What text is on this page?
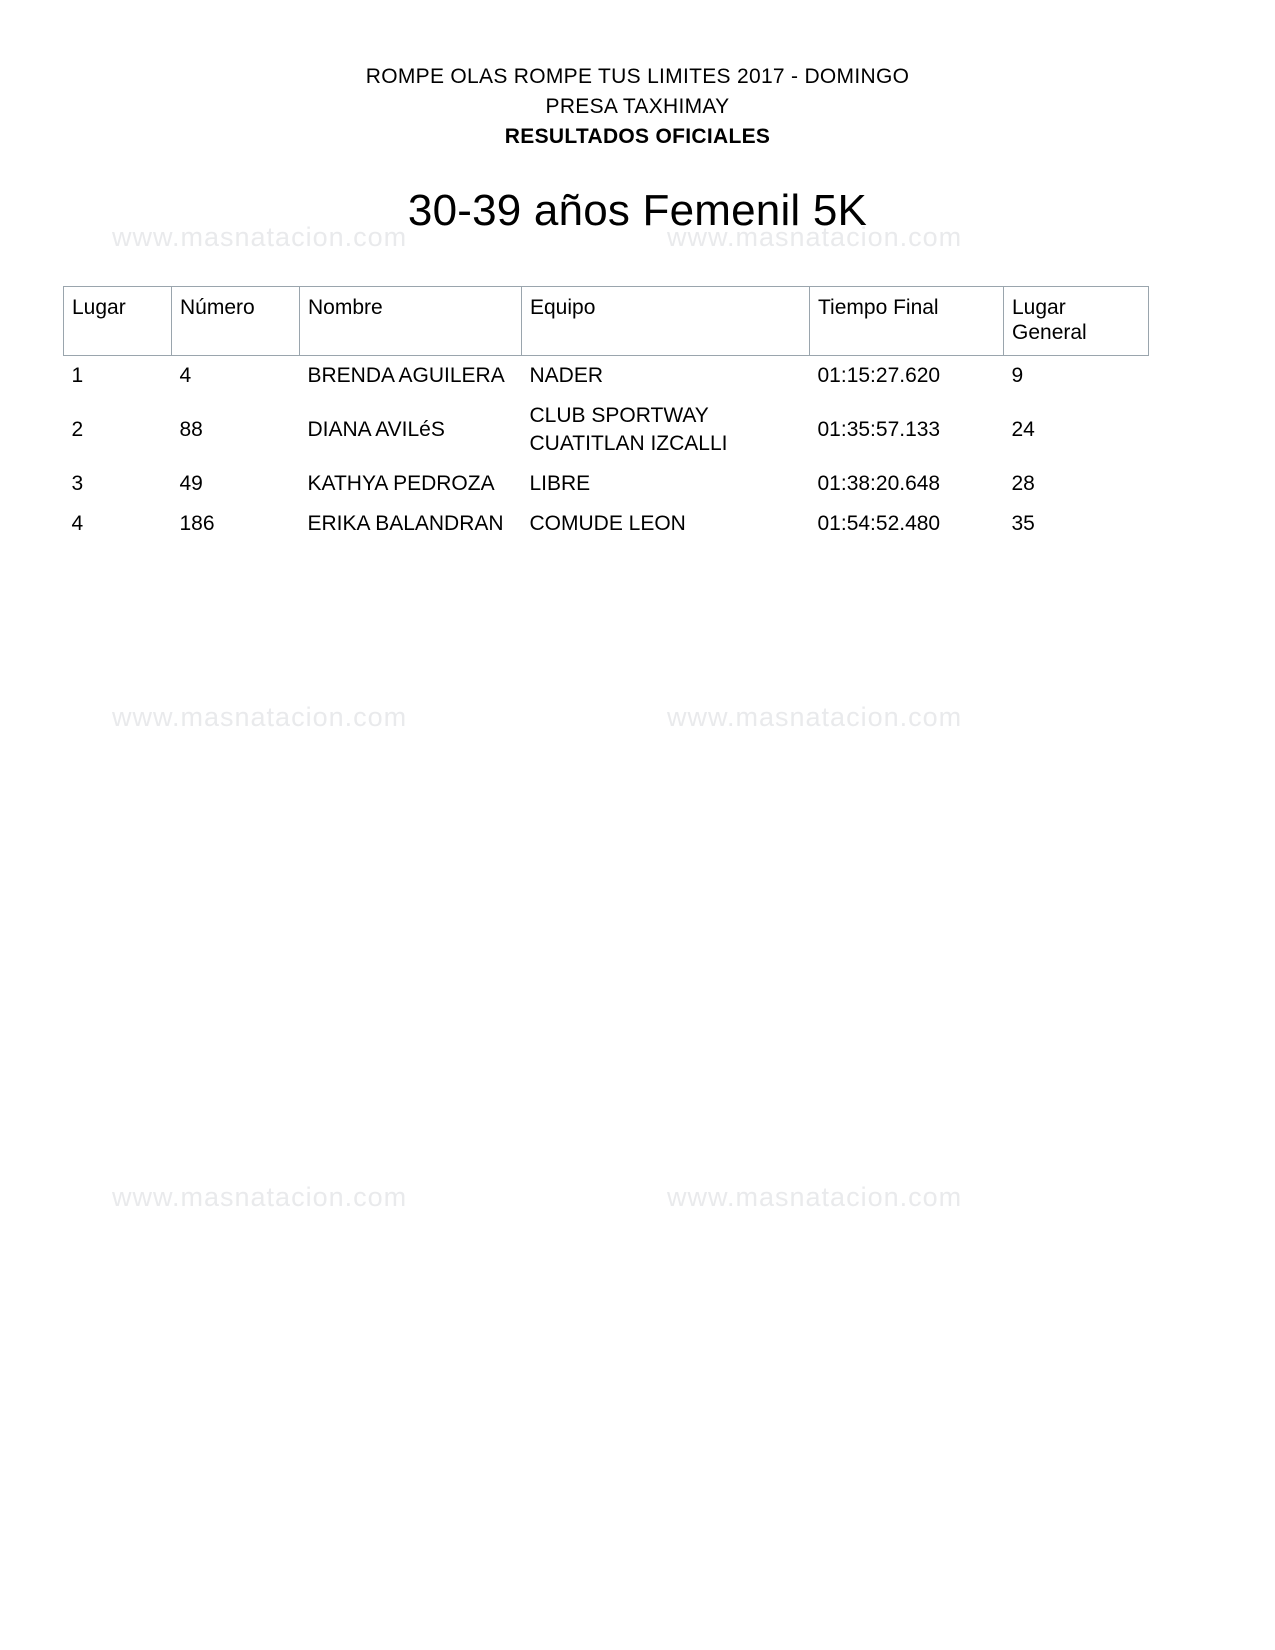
www.masnatacion.com	www.masnatacion.com
www.masnatacion.com	www.masnatacion.com
www.masnatacion.com	www.masnatacion.com
ROMPE OLAS ROMPE TUS LIMITES 2017 - DOMINGO
PRESA TAXHIMAY
RESULTADOS OFICIALES
30-39 años Femenil 5K
Lugar	Número	Nombre	Equipo	Tiempo Final	Lugar General
1	4	BRENDA AGUILERA	NADER	01:15:27.620	9
2	88	DIANA AVILéS	CLUB SPORTWAY CUATITLAN IZCALLI	01:35:57.133	24
3	49	KATHYA PEDROZA	LIBRE	01:38:20.648	28
4	186	ERIKA BALANDRAN	COMUDE LEON	01:54:52.480	35
